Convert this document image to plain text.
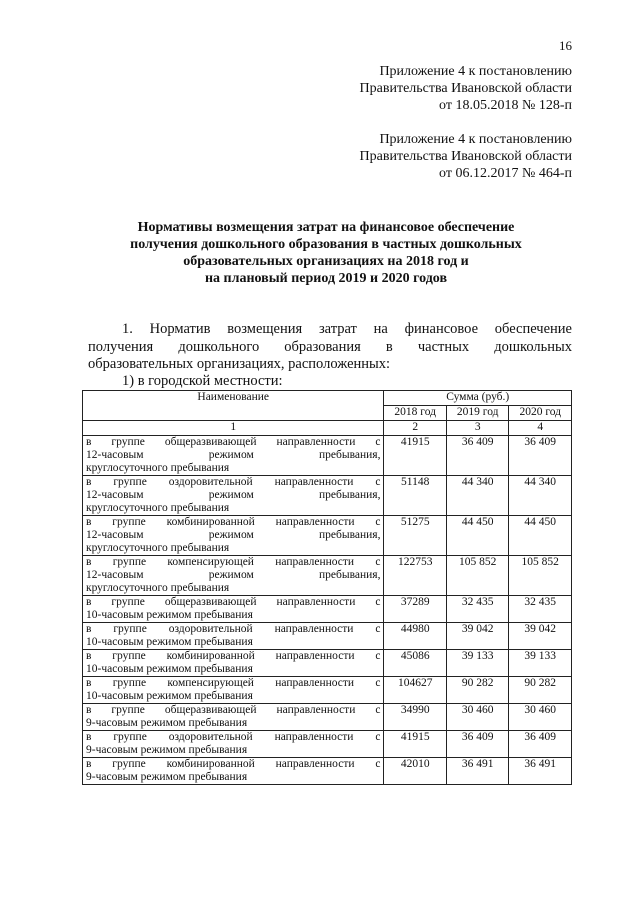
16
Приложение 4 к постановлению
Правительства Ивановской области
от 18.05.2018 № 128-п
Приложение 4 к постановлению
Правительства Ивановской области
от 06.12.2017 № 464-п
Нормативы возмещения затрат на финансовое обеспечение
получения дошкольного образования в частных дошкольных
образовательных организациях на 2018 год и
на плановый период 2019 и 2020 годов
1. Норматив возмещения затрат на финансовое обеспечение
получения дошкольного образования в частных дошкольных
образовательных организациях, расположенных:
1) в городской местности:
Наименование	Сумма (руб.)		
	2018 год	2019 год	2020 год
1	2	3	4

в группе общеразвивающей направленности с
12-часовым режимом пребывания,
круглосуточного пребывания	41915	36 409	36 409

в группе оздоровительной направленности с
12-часовым режимом пребывания,
круглосуточного пребывания	51148	44 340	44 340

в группе комбинированной направленности с
12-часовым режимом пребывания,
круглосуточного пребывания	51275	44 450	44 450

в группе компенсирующей направленности с
12-часовым режимом пребывания,
круглосуточного пребывания	122753	105 852	105 852

в группе общеразвивающей направленности с
10-часовым режимом пребывания	37289	32 435	32 435

в группе оздоровительной направленности с
10-часовым режимом пребывания	44980	39 042	39 042

в группе комбинированной направленности с
10-часовым режимом пребывания	45086	39 133	39 133

в группе компенсирующей направленности с
10-часовым режимом пребывания	104627	90 282	90 282

в группе общеразвивающей направленности с
9-часовым режимом пребывания	34990	30 460	30 460

в группе оздоровительной направленности с
9-часовым режимом пребывания	41915	36 409	36 409

в группе комбинированной направленности с
9-часовым режимом пребывания	42010	36 491	36 491
